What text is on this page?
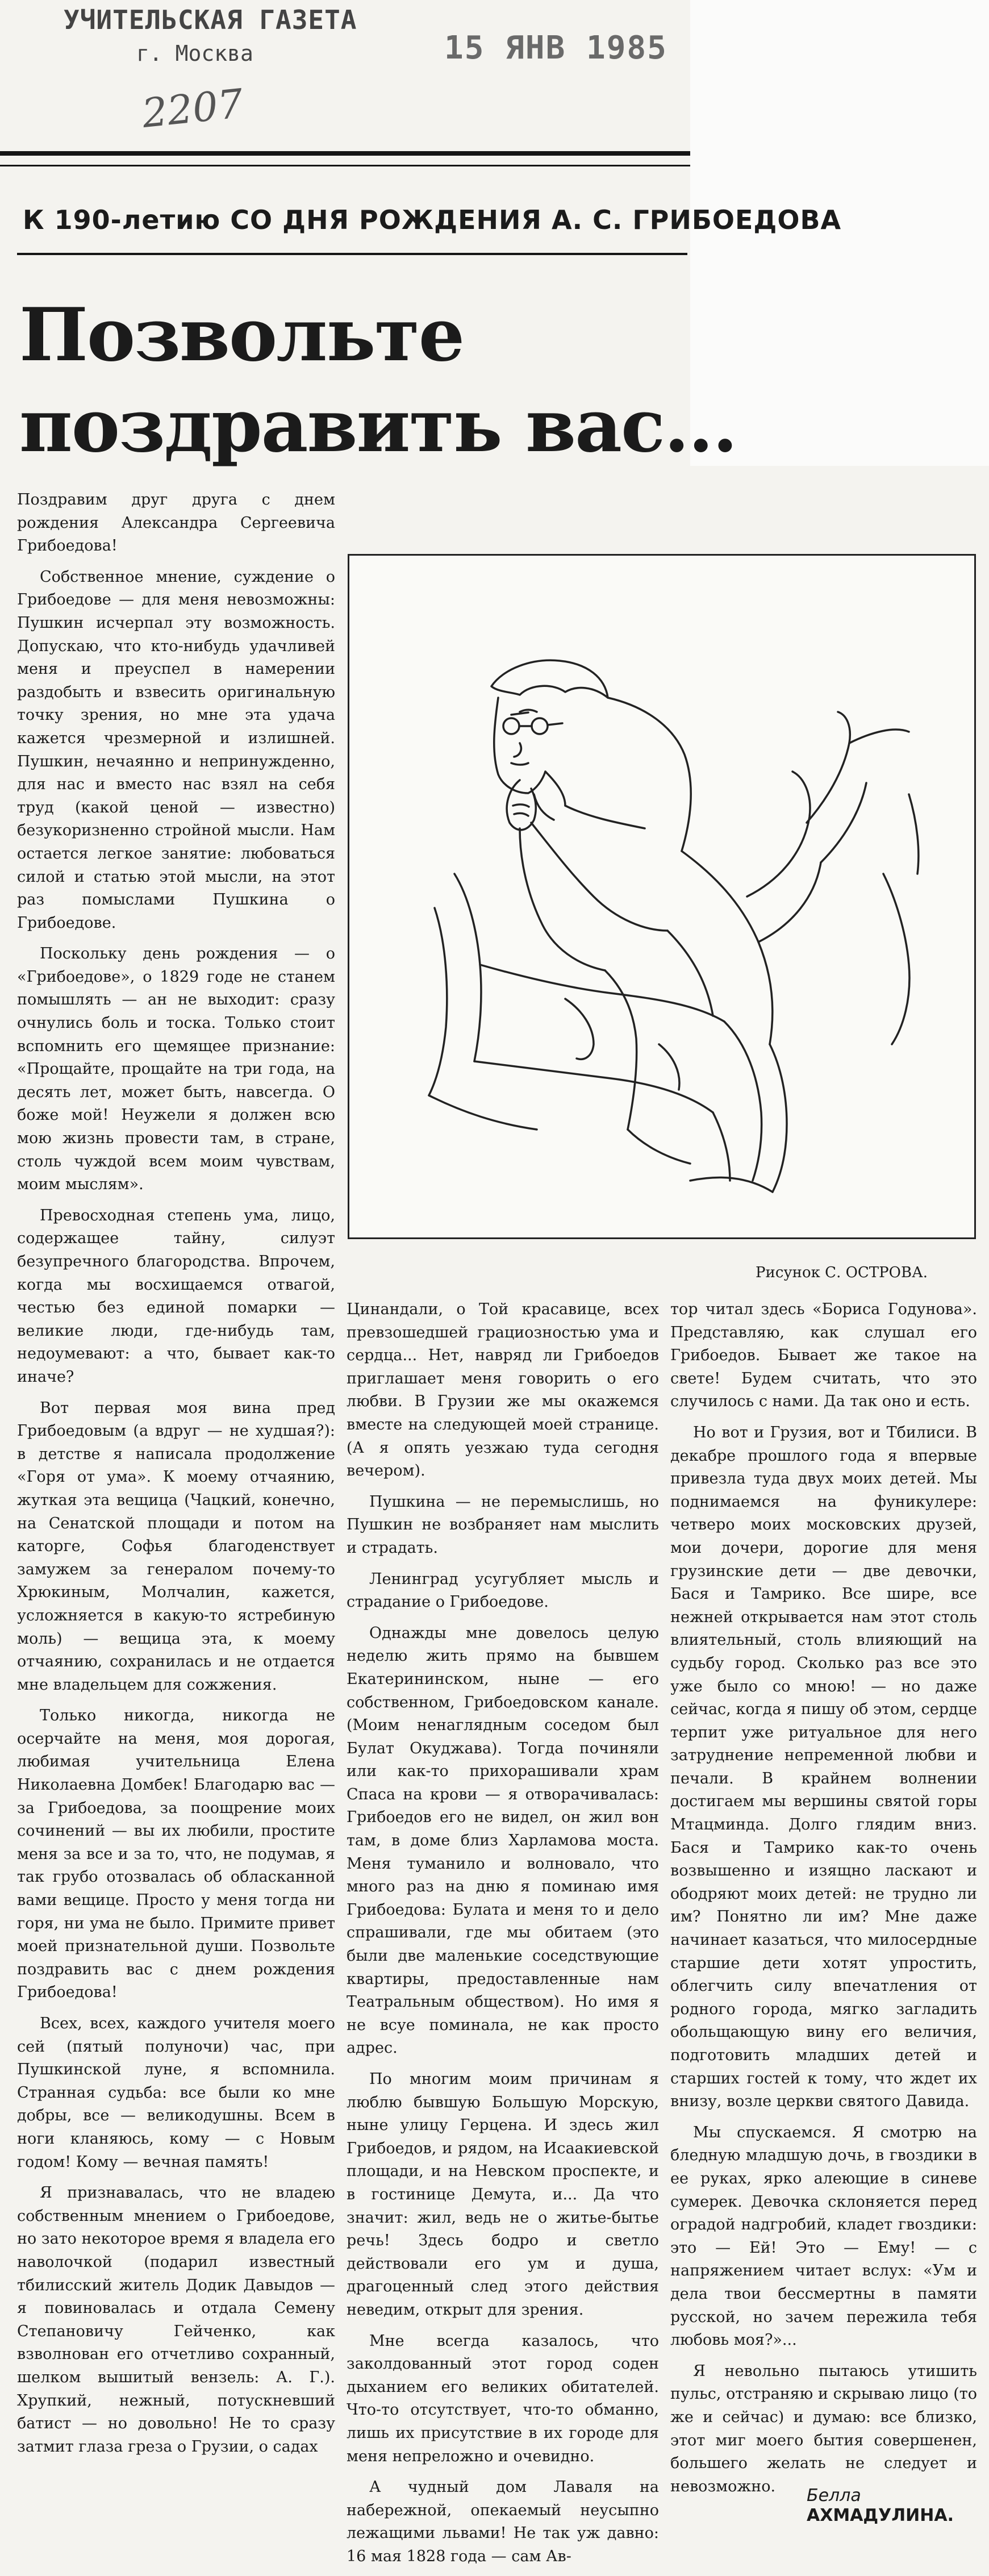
УЧИТЕЛЬСКАЯ ГАЗЕТА
г. Москва	15 ЯНВ 1985
2207
К 190-летию СО ДНЯ РОЖДЕНИЯ А. С. ГРИБОЕДОВА
Позвольте
поздравить вас...
Рисунок С. ОСТРОВА.

Поздравим друг друга с днем рождения Александра Сергеевича Грибоедова!

Собственное мнение, суждение о Грибоедове — для меня невозможны: Пушкин исчерпал эту возможность. Допускаю, что кто-нибудь удачливей меня и преуспел в намерении раздобыть и взвесить оригинальную точку зрения, но мне эта удача кажется чрезмерной и излишней. Пушкин, нечаянно и непринужденно, для нас и вместо нас взял на себя труд (какой ценой — известно) безукоризненно стройной мысли. Нам остается легкое занятие: любоваться силой и статью этой мысли, на этот раз помыслами Пушкина о Грибоедове.

Поскольку день рождения — о «Грибоедове», о 1829 годе не станем помышлять — ан не выходит: сразу очнулись боль и тоска. Только стоит вспомнить его щемящее признание: «Прощайте, прощайте на три года, на десять лет, может быть, навсегда. О боже мой! Неужели я должен всю мою жизнь провести там, в стране, столь чуждой всем моим чувствам, моим мыслям».

Превосходная степень ума, лицо, содержащее тайну, силуэт безупречного благородства. Впрочем, когда мы восхищаемся отвагой, честью без единой помарки — великие люди, где-нибудь там, недоумевают: а что, бывает как-то иначе?

Вот первая моя вина пред Грибоедовым (а вдруг — не худшая?): в детстве я написала продолжение «Горя от ума». К моему отчаянию, жуткая эта вещица (Чацкий, конечно, на Сенатской площади и потом на каторге, Софья благоденствует замужем за генералом почему-то Хрюкиным, Молчалин, кажется, усложняется в какую-то ястребиную моль) — вещица эта, к моему отчаянию, сохранилась и не отдается мне владельцем для сожжения.

Только никогда, никогда не осерчайте на меня, моя дорогая, любимая учительница Елена Николаевна Домбек! Благодарю вас — за Грибоедова, за поощрение моих сочинений — вы их любили, простите меня за все и за то, что, не подумав, я так грубо отозвалась об обласканной вами вещице. Просто у меня тогда ни горя, ни ума не было. Примите привет моей признательной души. Позвольте поздравить вас с днем рождения Грибоедова!

Всех, всех, каждого учителя моего сей (пятый полуночи) час, при Пушкинской луне, я вспомнила. Странная судьба: все были ко мне добры, все — великодушны. Всем в ноги кланяюсь, кому — с Новым годом! Кому — вечная память!

Я признавалась, что не владею собственным мнением о Грибоедове, но зато некоторое время я владела его наволочкой (подарил известный тбилисский житель Додик Давыдов — я повиновалась и отдала Семену Степановичу Гейченко, как взволнован его отчетливо сохранный, шелком вышитый вензель: А. Г.). Хрупкий, нежный, потускневший батист — но довольно! Не то сразу затмит глаза греза о Грузии, о садах

Цинандали, о Той красавице, всех превзошедшей грациозностью ума и сердца... Нет, навряд ли Грибоедов приглашает меня говорить о его любви. В Грузии же мы окажемся вместе на следующей моей странице. (А я опять уезжаю туда сегодня вечером).

Пушкина — не перемыслишь, но Пушкин не возбраняет нам мыслить и страдать.

Ленинград усугубляет мысль и страдание о Грибоедове.

Однажды мне довелось целую неделю жить прямо на бывшем Екатерининском, ныне — его собственном, Грибоедовском канале. (Моим ненаглядным соседом был Булат Окуджава). Тогда починяли или как-то прихорашивали храм Спаса на крови — я отворачивалась: Грибоедов его не видел, он жил вон там, в доме близ Харламова моста. Меня туманило и волновало, что много раз на дню я поминаю имя Грибоедова: Булата и меня то и дело спрашивали, где мы обитаем (это были две маленькие соседствующие квартиры, предоставленные нам Театральным обществом). Но имя я не всуе поминала, не как просто адрес.

По многим моим причинам я люблю бывшую Большую Морскую, ныне улицу Герцена. И здесь жил Грибоедов, и рядом, на Исаакиевской площади, и на Невском проспекте, и в гостинице Демута, и... Да что значит: жил, ведь не о житье-бытье речь! Здесь бодро и светло действовали его ум и душа, драгоценный след этого действия неведим, открыт для зрения.

Мне всегда казалось, что заколдованный этот город соден дыханием его великих обитателей. Что-то отсутствует, что-то обманно, лишь их присутствие в их городе для меня непреложно и очевидно.

А чудный дом Лаваля на набережной, опекаемый неусыпно лежащими львами! Не так уж давно: 16 мая 1828 года — сам Ав-

тор читал здесь «Бориса Годунова». Представляю, как слушал его Грибоедов. Бывает же такое на свете! Будем считать, что это случилось с нами. Да так оно и есть.

Но вот и Грузия, вот и Тбилиси. В декабре прошлого года я впервые привезла туда двух моих детей. Мы поднимаемся на фуникулере: четверо моих московских друзей, мои дочери, дорогие для меня грузинские дети — две девочки, Бася и Тамрико. Все шире, все нежней открывается нам этот столь влиятельный, столь влияющий на судьбу город. Сколько раз все это уже было со мною! — но даже сейчас, когда я пишу об этом, сердце терпит уже ритуальное для него затруднение непременной любви и печали. В крайнем волнении достигаем мы вершины святой горы Мтацминда. Долго глядим вниз. Бася и Тамрико как-то очень возвышенно и изящно ласкают и ободряют моих детей: не трудно ли им? Понятно ли им? Мне даже начинает казаться, что милосердные старшие дети хотят упростить, облегчить силу впечатления от родного города, мягко загладить обольщающую вину его величия, подготовить младших детей и старших гостей к тому, что ждет их внизу, возле церкви святого Давида.

Мы спускаемся. Я смотрю на бледную младшую дочь, в гвоздики в ее руках, ярко алеющие в синеве сумерек. Девочка склоняется перед оградой надгробий, кладет гвоздики: это — Ей! Это — Ему! — с напряжением читает вслух: «Ум и дела твои бессмертны в памяти русской, но зачем пережила тебя любовь моя?»...

Я невольно пытаюсь утишить пульс, отстраняю и скрываю лицо (то же и сейчас) и думаю: все близко, этот миг моего бытия совершенен, большего желать не следует и невозможно.	Белла АХМАДУЛИНА.
